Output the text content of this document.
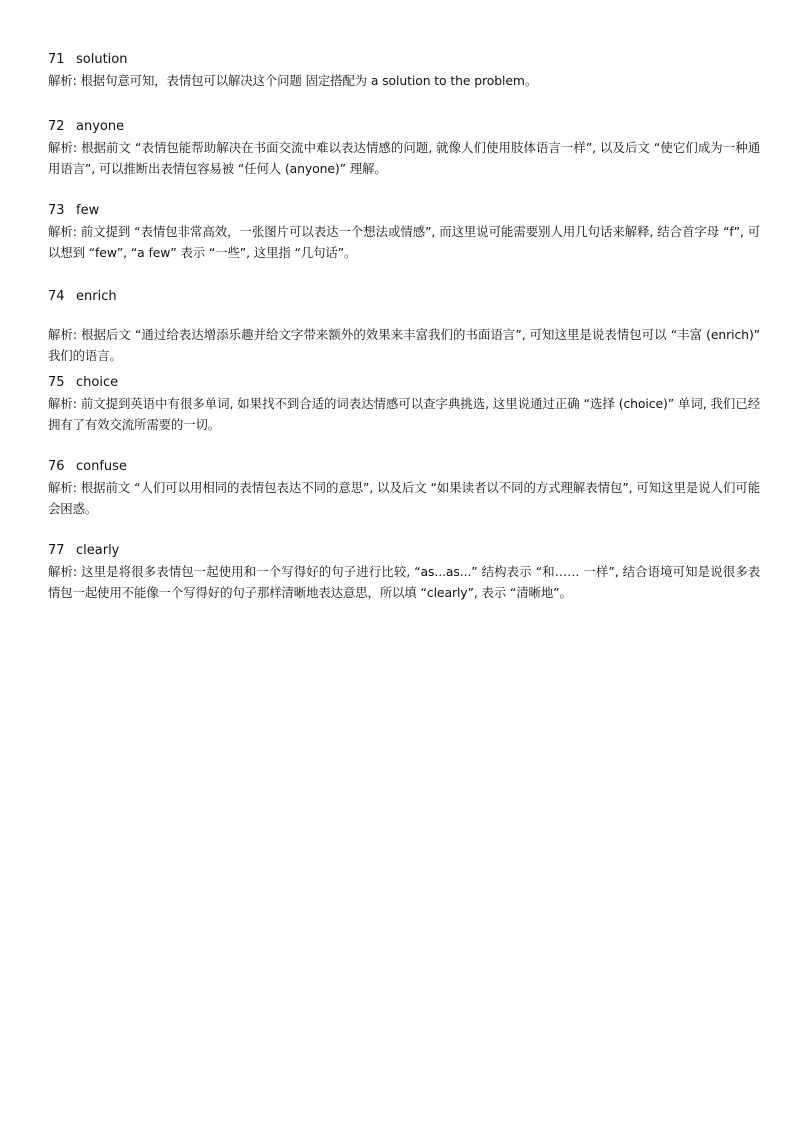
71 solution

解析: 根据句意可知，表情包可以解决这个问题 固定搭配为 a solution to the problem。

72 anyone

解析: 根据前文 “表情包能帮助解决在书面交流中难以表达情感的问题, 就像人们使用肢体语言一样”, 以及后文 “使它们成为一种通用语言”, 可以推断出表情包容易被 “任何人 (anyone)” 理解。

73 few

解析: 前文提到 “表情包非常高效，一张图片可以表达一个想法或情感”, 而这里说可能需要别人用几句话来解释, 结合首字母 “f”, 可以想到 “few”, “a few” 表示 “一些”, 这里指 “几句话”。

74 enrich

解析: 根据后文 “通过给表达增添乐趣并给文字带来额外的效果来丰富我们的书面语言”, 可知这里是说表情包可以 “丰富 (enrich)” 我们的语言。

75 choice

解析: 前文提到英语中有很多单词, 如果找不到合适的词表达情感可以查字典挑选, 这里说通过正确 “选择 (choice)” 单词, 我们已经拥有了有效交流所需要的一切。

76 confuse

解析: 根据前文 “人们可以用相同的表情包表达不同的意思”, 以及后文 “如果读者以不同的方式理解表情包”, 可知这里是说人们可能会困惑。

77 clearly

解析: 这里是将很多表情包一起使用和一个写得好的句子进行比较, “as...as...” 结构表示 “和…… 一样”, 结合语境可知是说很多表情包一起使用不能像一个写得好的句子那样清晰地表达意思，所以填 “clearly”, 表示 “清晰地”。
